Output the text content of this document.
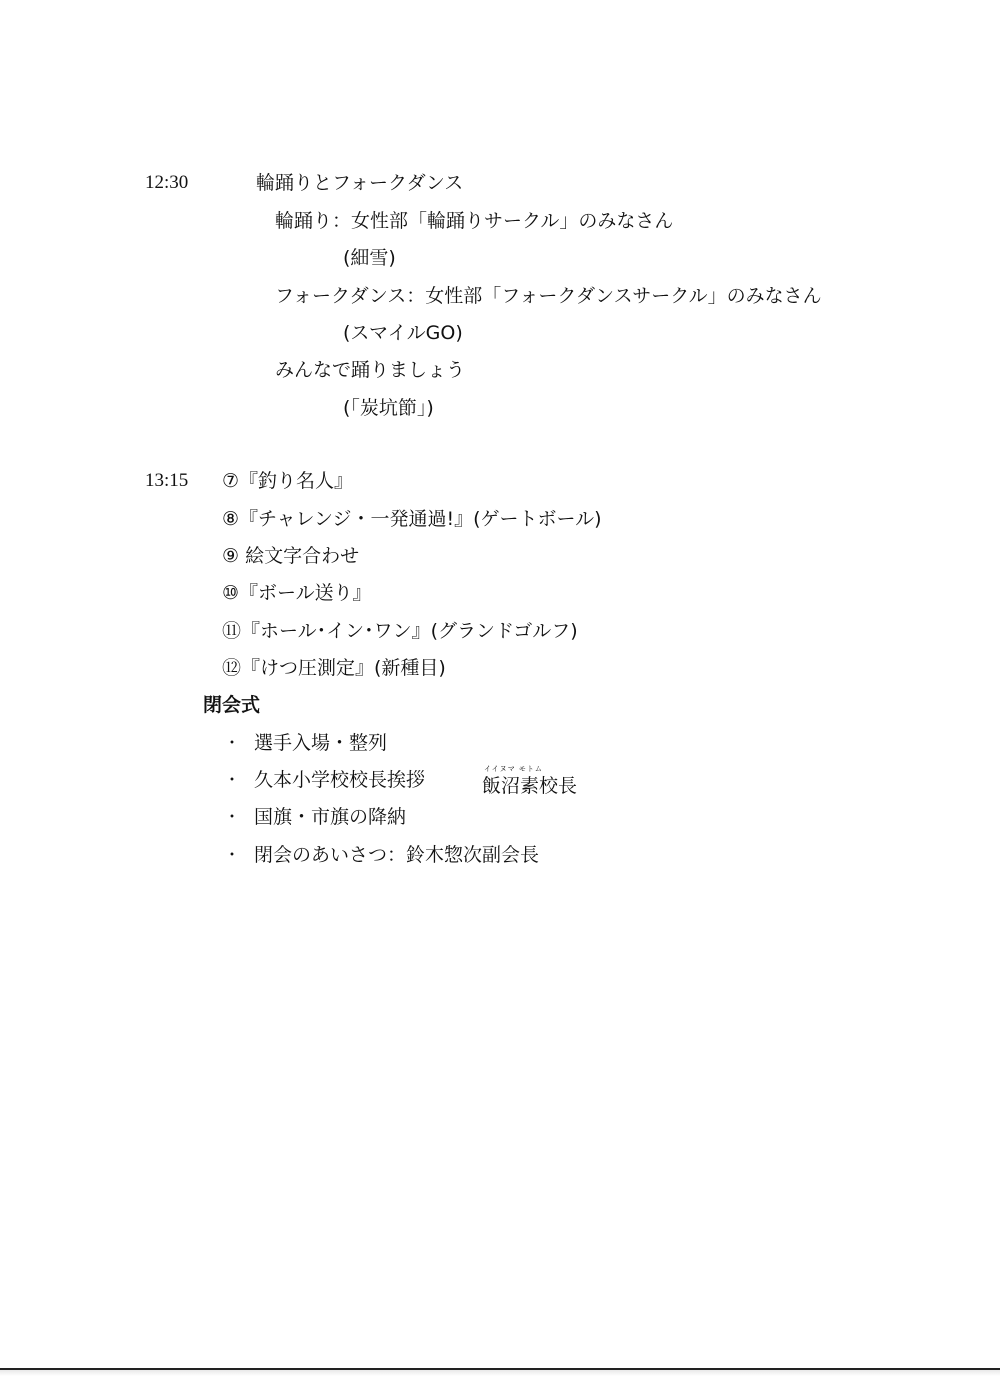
12:30	輪踊りとフォークダンス
輪踊り：女性部「輪踊りサークル」のみなさん
(細雪)
フォークダンス：女性部「フォークダンスサークル」のみなさん
(スマイルGO)
みんなで踊りましょう
(「炭坑節」)
13:15 ⑦『釣り名人』
⑧『チャレンジ・一発通過!』(ゲートボール)
⑨ 絵文字合わせ
⑩『ボール送り』
⑪『ホール･イン･ワン』(グランドゴルフ)
⑫『けつ圧測定』(新種目)
閉会式
・ 選手入場・整列
・ 久本小学校校長挨拶	イイヌマ モトム
飯沼素校長
・ 国旗・市旗の降納
・ 閉会のあいさつ：鈴木惣次副会長
